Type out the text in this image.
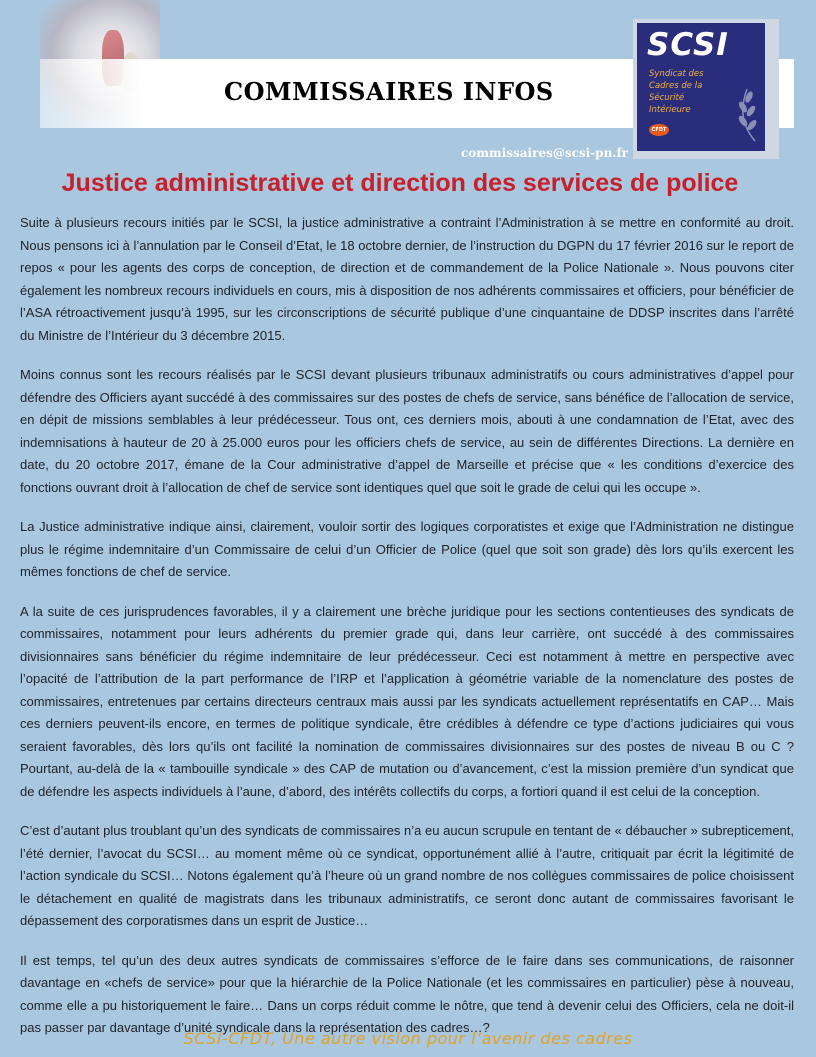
COMMISSAIRES INFOS
SCSI
Syndicat des
Cadres de la
Sécurité
Intérieure
CFDT
commissaires@scsi-pn.fr
Justice administrative et direction des services de police

Suite à plusieurs recours initiés par le SCSI, la justice administrative a contraint l’Administration à se mettre en conformité au droit. Nous pensons ici à l’annulation par le Conseil d’Etat, le 18 octobre dernier, de l’instruction du DGPN du 17 février 2016 sur le report de repos « pour les agents des corps de conception, de direction et de commandement de la Police Nationale ». Nous pouvons citer également les nombreux recours individuels en cours, mis à disposition de nos adhérents commissaires et officiers, pour bénéficier de l’ASA rétroactivement jusqu’à 1995, sur les circonscriptions de sécurité publique d’une cinquantaine de DDSP inscrites dans l’arrêté du Ministre de l’Intérieur du 3 décembre 2015.

Moins connus sont les recours réalisés par le SCSI devant plusieurs tribunaux administratifs ou cours administratives d’appel pour défendre des Officiers ayant succédé à des commissaires sur des postes de chefs de service, sans bénéfice de l’allocation de service, en dépit de missions semblables à leur prédécesseur. Tous ont, ces derniers mois, abouti à une condamnation de l’Etat, avec des indemnisations à hauteur de 20 à 25.000 euros pour les officiers chefs de service, au sein de différentes Directions. La dernière en date, du 20 octobre 2017, émane de la Cour administrative d’appel de Marseille et précise que « les conditions d’exercice des fonctions ouvrant droit à l’allocation de chef de service sont identiques quel que soit le grade de celui qui les occupe ».

La Justice administrative indique ainsi, clairement, vouloir sortir des logiques corporatistes et exige que l’Administration ne distingue plus le régime indemnitaire d’un Commissaire de celui d’un Officier de Police (quel que soit son grade) dès lors qu’ils exercent les mêmes fonctions de chef de service.

A la suite de ces jurisprudences favorables, il y a clairement une brèche juridique pour les sections contentieuses des syndicats de commissaires, notamment pour leurs adhérents du premier grade qui, dans leur carrière, ont succédé à des commissaires divisionnaires sans bénéficier du régime indemnitaire de leur prédécesseur. Ceci est notamment à mettre en perspective avec l’opacité de l’attribution de la part performance de l’IRP et l’application à géométrie variable de la nomenclature des postes de commissaires, entretenues par certains directeurs centraux mais aussi par les syndicats actuellement représentatifs en CAP… Mais ces derniers peuvent-ils encore, en termes de politique syndicale, être crédibles à défendre ce type d’actions judiciaires qui vous seraient favorables, dès lors qu’ils ont facilité la nomination de commissaires divisionnaires sur des postes de niveau B ou C ? Pourtant, au-delà de la « tambouille syndicale » des CAP de mutation ou d’avancement, c’est la mission première d’un syndicat que de défendre les aspects individuels à l’aune, d’abord, des intérêts collectifs du corps, a fortiori quand il est celui de la conception.

C’est d’autant plus troublant qu’un des syndicats de commissaires n’a eu aucun scrupule en tentant de « débaucher » subrepticement, l’été dernier, l’avocat du SCSI… au moment même où ce syndicat, opportunément allié à l’autre, critiquait par écrit la légitimité de l’action syndicale du SCSI… Notons également qu’à l’heure où un grand nombre de nos collègues commissaires de police choisissent le détachement en qualité de magistrats dans les tribunaux administratifs, ce seront donc autant de commissaires favorisant le dépassement des corporatismes dans un esprit de Justice…

Il est temps, tel qu’un des deux autres syndicats de commissaires s’efforce de le faire dans ses communications, de raisonner davantage en «chefs de service» pour que la hiérarchie de la Police Nationale (et les commissaires en particulier) pèse à nouveau, comme elle a pu historiquement le faire… Dans un corps réduit comme le nôtre, que tend à devenir celui des Officiers, cela ne doit-il pas passer par davantage d’unité syndicale dans la représentation des cadres…?

SCSI-CFDT, Une autre vision pour l’avenir des cadres
